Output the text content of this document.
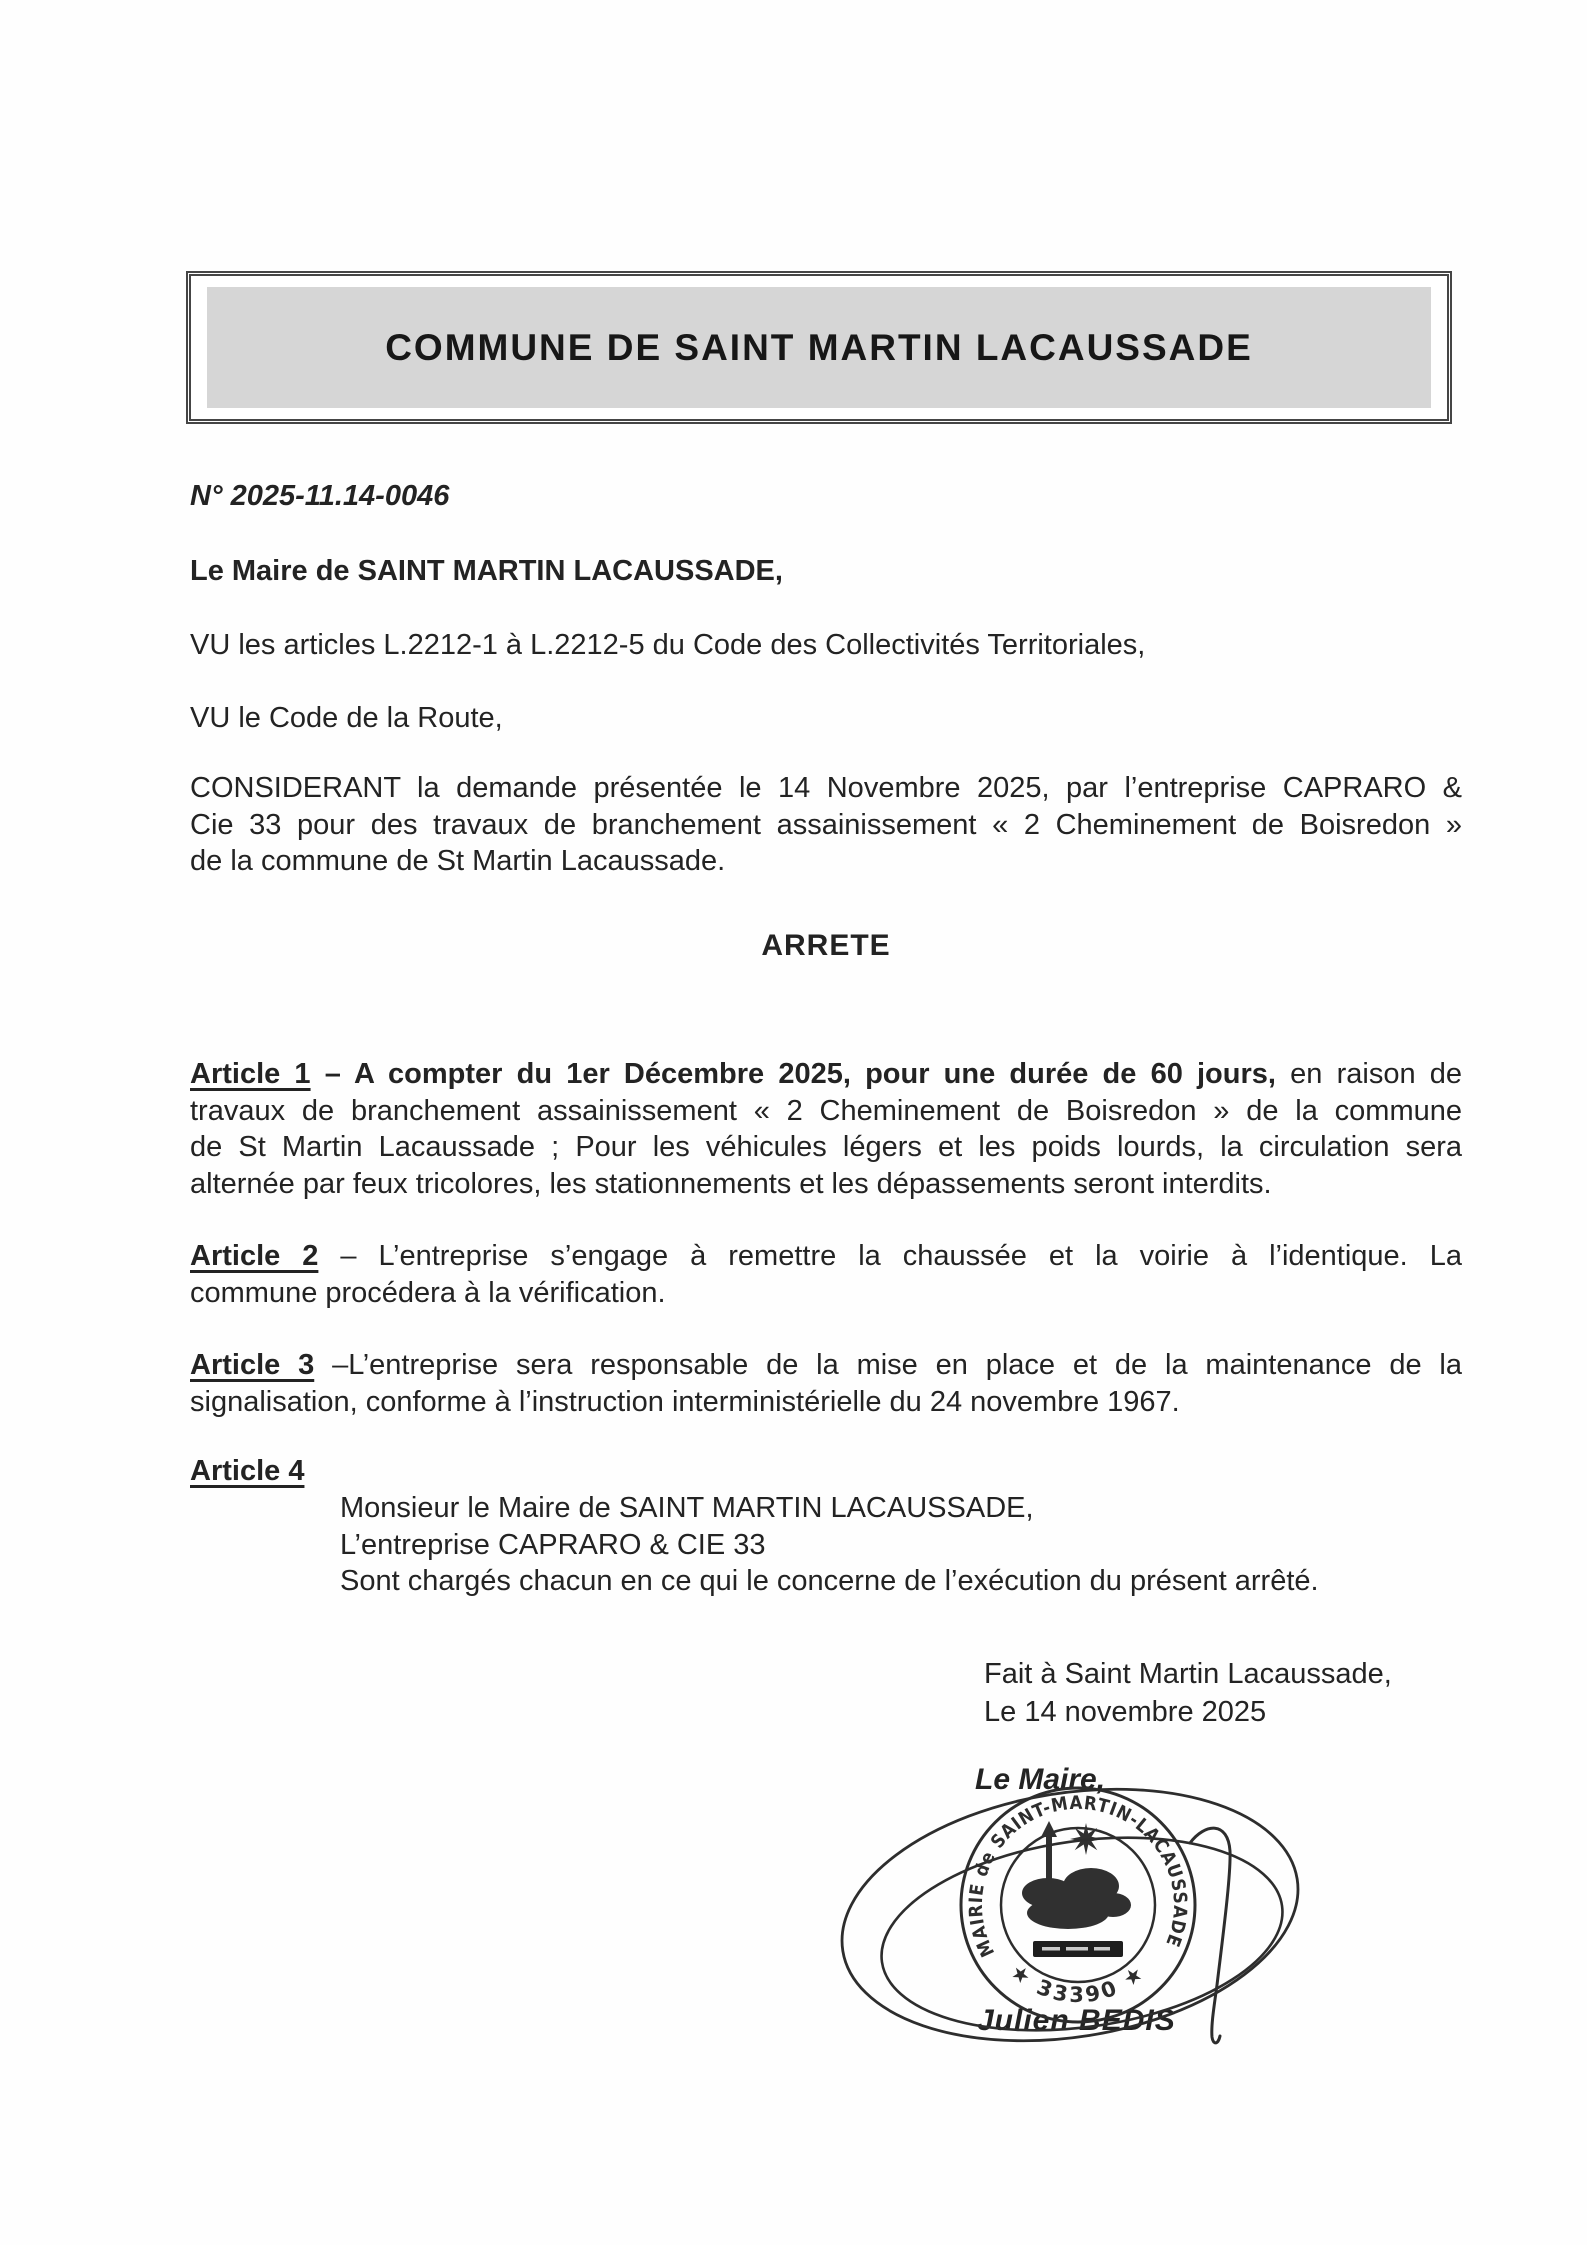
COMMUNE DE SAINT MARTIN LACAUSSADE
N° 2025-11.14-0046
Le Maire de SAINT MARTIN LACAUSSADE,
VU les articles L.2212-1 à L.2212-5 du Code des Collectivités Territoriales,
VU le Code de la Route,
CONSIDERANT la demande présentée le 14 Novembre 2025, par l’entreprise CAPRARO &
Cie 33 pour des travaux de branchement assainissement « 2 Cheminement de Boisredon »
de la commune de St Martin Lacaussade.
ARRETE
Article 1 – A compter du 1er Décembre 2025, pour une durée de 60 jours, en raison de
travaux de branchement assainissement « 2 Cheminement de Boisredon » de la commune
de St Martin Lacaussade ; Pour les véhicules légers et les poids lourds, la circulation sera
alternée par feux tricolores, les stationnements et les dépassements seront interdits.
Article 2 – L’entreprise s’engage à remettre la chaussée et la voirie à l’identique. La
commune procédera à la vérification.
Article 3 –L’entreprise sera responsable de la mise en place et de la maintenance de la
signalisation, conforme à l’instruction interministérielle du 24 novembre 1967.
Article 4
Monsieur le Maire de SAINT MARTIN LACAUSSADE,
L’entreprise CAPRARO & CIE 33
Sont chargés chacun en ce qui le concerne de l’exécution du présent arrêté.
Fait à Saint Martin Lacaussade,
Le 14 novembre 2025
Le Maire,
Julien BEDIS
MAIRIE de SAINT-MARTIN-LACAUSSADE
★ 33390 ★
